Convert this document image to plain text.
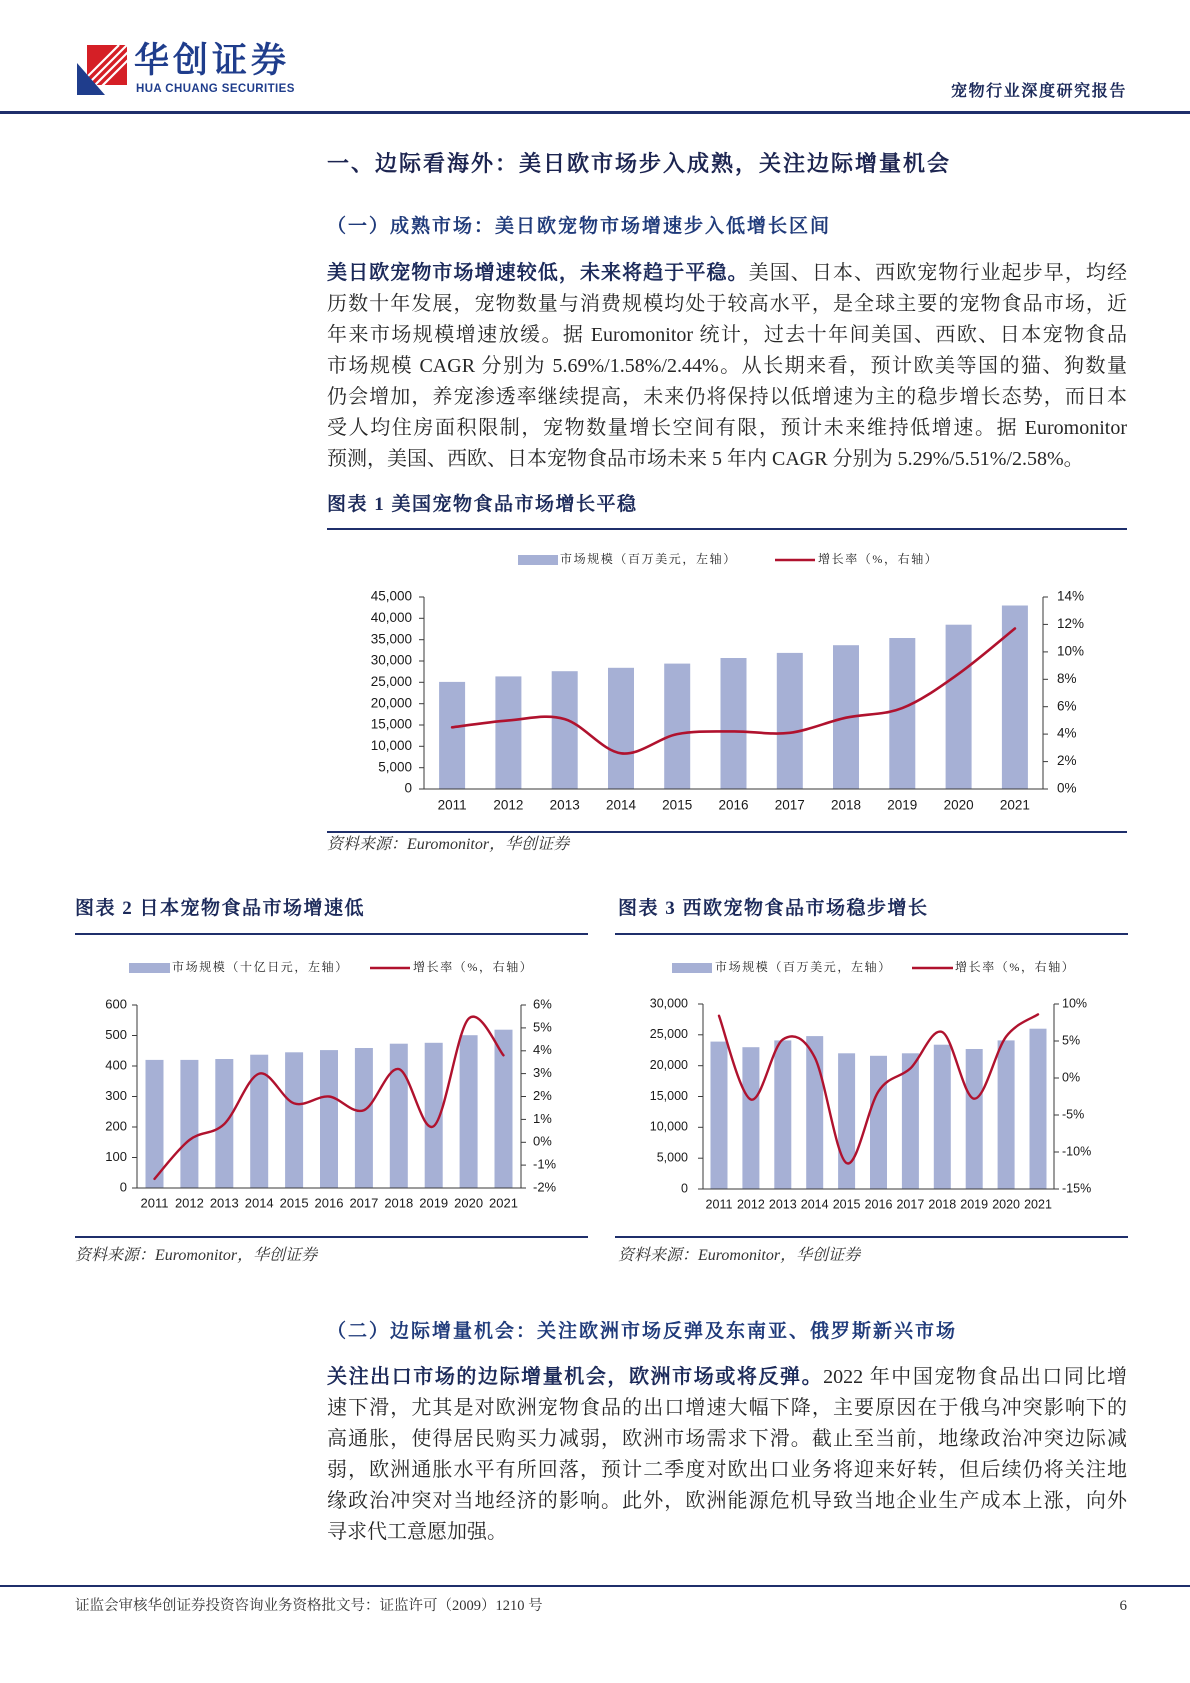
华创证券
HUA CHUANG SECURITIES	宠物行业深度研究报告
一、边际看海外：美日欧市场步入成熟，关注边际增量机会
（一）成熟市场：美日欧宠物市场增速步入低增长区间
美日欧宠物市场增速较低，未来将趋于平稳。美国、日本、西欧宠物行业起步早，均经
历数十年发展，宠物数量与消费规模均处于较高水平，是全球主要的宠物食品市场，近
年来市场规模增速放缓。据 Euromonitor 统计，过去十年间美国、西欧、日本宠物食品
市场规模 CAGR 分别为 5.69%/1.58%/2.44%。从长期来看，预计欧美等国的猫、狗数量
仍会增加，养宠渗透率继续提高，未来仍将保持以低增速为主的稳步增长态势，而日本
受人均住房面积限制，宠物数量增长空间有限，预计未来维持低增速。据 Euromonitor
预测，美国、西欧、日本宠物食品市场未来 5 年内 CAGR 分别为 5.29%/5.51%/2.58%。
图表 1 美国宠物食品市场增长平稳
市场规模（百万美元，左轴）	增长率（%，右轴）
0
5,000
10,000
15,000
20,000
25,000
30,000
35,000
40,000
45,000
0%
2%
4%
6%
8%
10%
12%
14%
2011 2012 2013 2014 2015 2016 2017 2018 2019 2020 2021
资料来源：Euromonitor，华创证券
图表 2 日本宠物食品市场增速低
市场规模（十亿日元，左轴）	增长率（%，右轴）
0
100
200
300
400
500
600
-2%
-1%
0%
1%
2%
3%
4%
5%
6%
2011 2012 2013 2014 2015 2016 2017 2018 2019 2020 2021
资料来源：Euromonitor，华创证券
图表 3 西欧宠物食品市场稳步增长
市场规模（百万美元，左轴）	增长率（%，右轴）
0
5,000
10,000
15,000
20,000
25,000
30,000
-15%
-10%
-5%
0%
5%
10%
2011 2012 2013 2014 2015 2016 2017 2018 2019 2020 2021
资料来源：Euromonitor，华创证券
（二）边际增量机会：关注欧洲市场反弹及东南亚、俄罗斯新兴市场
关注出口市场的边际增量机会，欧洲市场或将反弹。2022 年中国宠物食品出口同比增
速下滑，尤其是对欧洲宠物食品的出口增速大幅下降，主要原因在于俄乌冲突影响下的
高通胀，使得居民购买力减弱，欧洲市场需求下滑。截止至当前，地缘政治冲突边际减
弱，欧洲通胀水平有所回落，预计二季度对欧出口业务将迎来好转，但后续仍将关注地
缘政治冲突对当地经济的影响。此外，欧洲能源危机导致当地企业生产成本上涨，向外
寻求代工意愿加强。
证监会审核华创证券投资咨询业务资格批文号：证监许可（2009）1210 号	6
